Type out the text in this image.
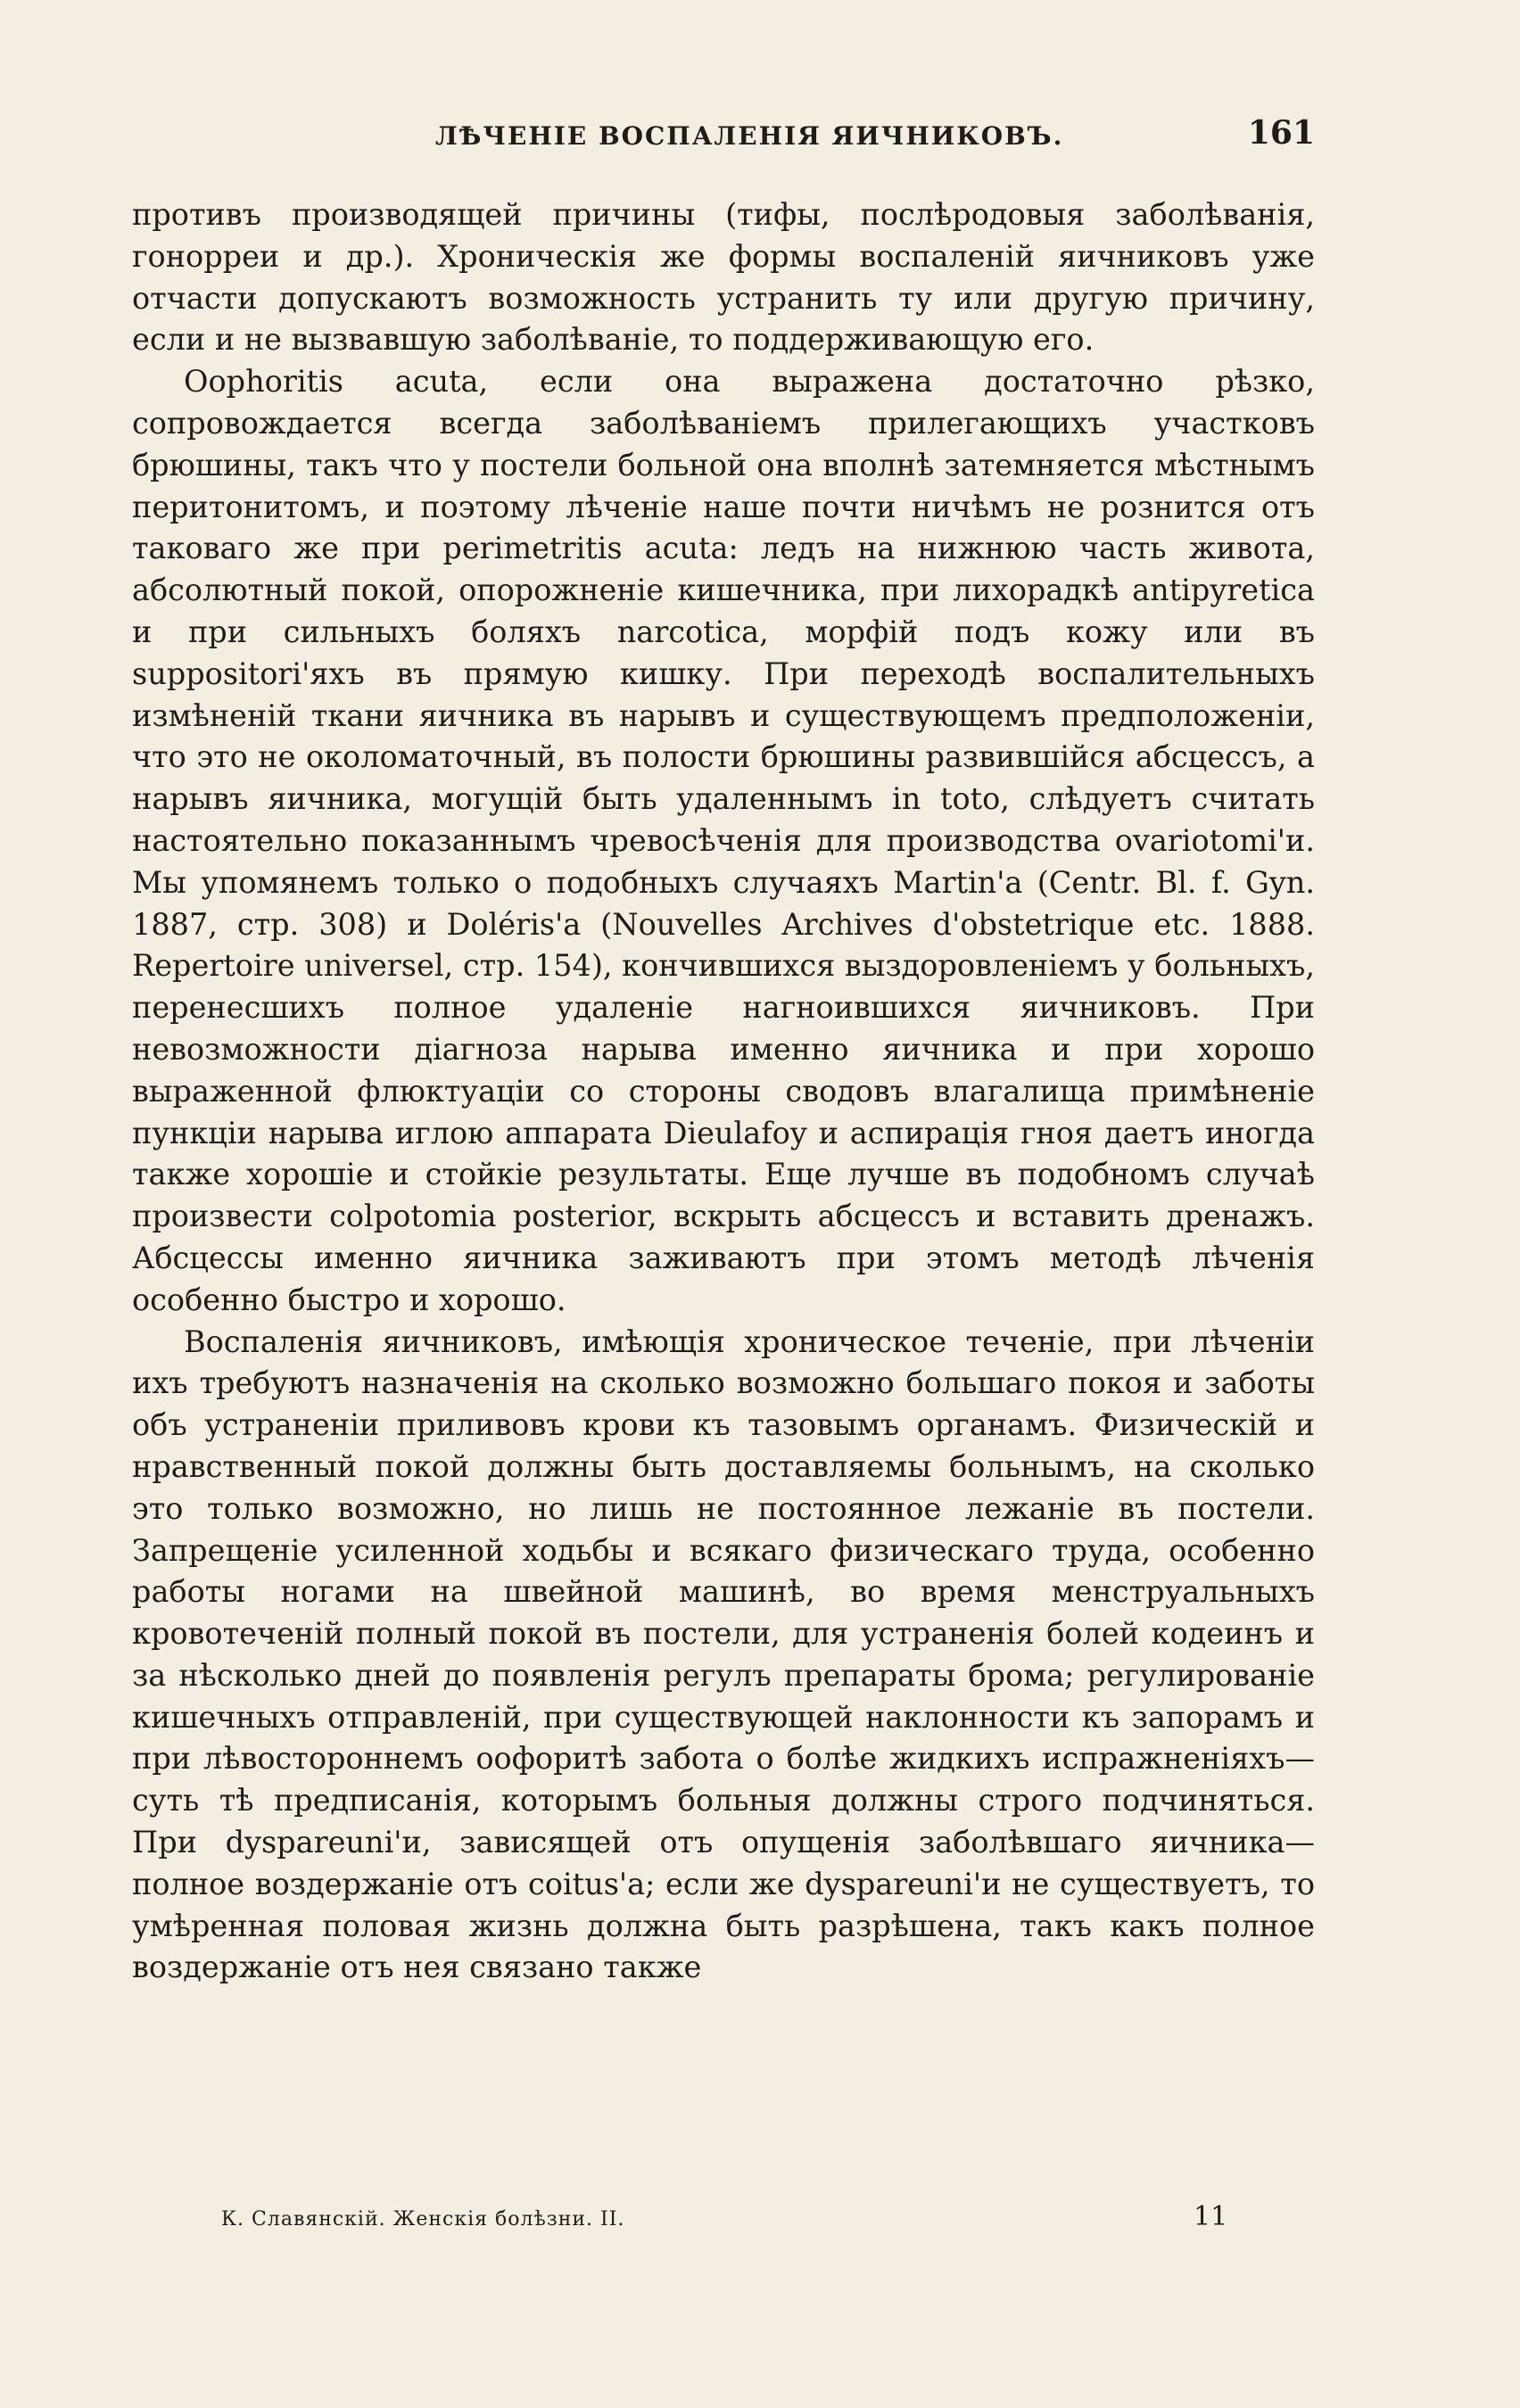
ЛѢЧЕНІЕ ВОСПАЛЕНІЯ ЯИЧНИКОВЪ.	161

противъ производящей причины (тифы, послѣродовыя заболѣванія, гонорреи и др.). Хроническія же формы воспаленій яичниковъ уже отчасти допускаютъ возможность устранить ту или другую причину, если и не вызвавшую заболѣваніе, то поддерживающую его.

Oophoritis acuta, если она выражена достаточно рѣзко, сопровождается всегда заболѣваніемъ прилегающихъ участковъ брюшины, такъ что у постели больной она вполнѣ затемняется мѣстнымъ перитонитомъ, и поэтому лѣченіе наше почти ничѣмъ не рознится отъ таковаго же при perimetritis acuta: ледъ на нижнюю часть живота, абсолютный покой, опорожненіе кишечника, при лихорадкѣ antipyretica и при сильныхъ боляхъ narcotica, морфій подъ кожу или въ suppositori'яхъ въ прямую кишку. При переходѣ воспалительныхъ измѣненій ткани яичника въ нарывъ и существующемъ предположеніи, что это не околоматочный, въ полости брюшины развившійся абсцессъ, а нарывъ яичника, могущій быть удаленнымъ in toto, слѣдуетъ считать настоятельно показаннымъ чревосѣченія для производства ovariotomi'и. Мы упомянемъ только о подобныхъ случаяхъ Martin'a (Centr. Bl. f. Gyn. 1887, стр. 308) и Doléris'a (Nouvelles Archives d'obstetrique etc. 1888. Repertoire universel, стр. 154), кончившихся выздоровленіемъ у больныхъ, перенесшихъ полное удаленіе нагноившихся яичниковъ. При невозможности діагноза нарыва именно яичника и при хорошо выраженной флюктуаціи со стороны сводовъ влагалища примѣненіе пункціи нарыва иглою аппарата Dieulafoy и аспирація гноя даетъ иногда также хорошіе и стойкіе результаты. Еще лучше въ подобномъ случаѣ произвести colpotomia posterior, вскрыть абсцессъ и вставить дренажъ. Абсцессы именно яичника заживаютъ при этомъ методѣ лѣченія особенно быстро и хорошо.

Воспаленія яичниковъ, имѣющія хроническое теченіе, при лѣченіи ихъ требуютъ назначенія на сколько возможно большаго покоя и заботы объ устраненіи приливовъ крови къ тазовымъ органамъ. Физическій и нравственный покой должны быть доставляемы больнымъ, на сколько это только возможно, но лишь не постоянное лежаніе въ постели. Запрещеніе усиленной ходьбы и всякаго физическаго труда, особенно работы ногами на швейной машинѣ, во время менструальныхъ кровотеченій полный покой въ постели, для устраненія болей кодеинъ и за нѣсколько дней до появленія регулъ препараты брома; регулированіе кишечныхъ отправленій, при существующей наклонности къ запорамъ и при лѣвостороннемъ оофоритѣ забота о болѣе жидкихъ испражненіяхъ— суть тѣ предписанія, которымъ больныя должны строго подчиняться. При dyspareuni'и, зависящей отъ опущенія заболѣвшаго яичника—полное воздержаніе отъ coitus'a; если же dyspareuni'и не существуетъ, то умѣренная половая жизнь должна быть разрѣшена, такъ какъ полное воздержаніе отъ нея связано также

К. Славянскій. Женскія болѣзни. II.	11
